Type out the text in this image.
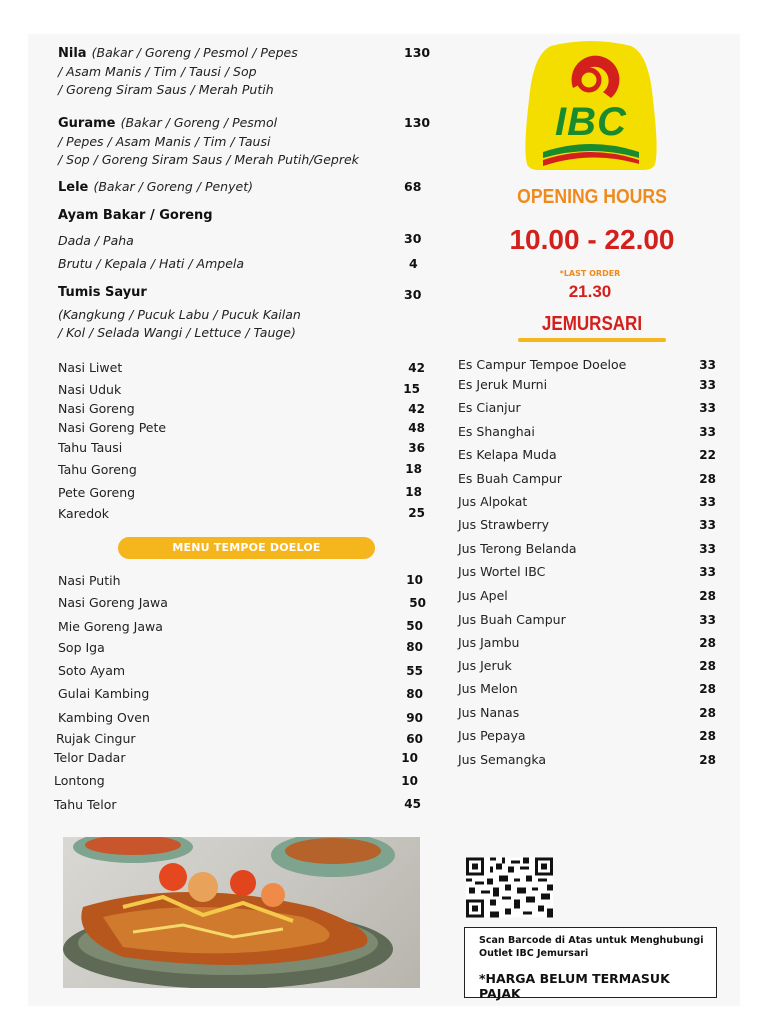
Nila (Bakar / Goreng / Pesmol / Pepes
/ Asam Manis / Tim / Tausi / Sop
/ Goreng Siram Saus / Merah Putih
130
Gurame (Bakar / Goreng / Pesmol
/ Pepes / Asam Manis / Tim / Tausi
/ Sop / Goreng Siram Saus / Merah Putih/Geprek
130
Lele (Bakar / Goreng / Penyet)	68
Ayam Bakar / Goreng
Dada / Paha	30
Brutu / Kepala / Hati / Ampela	4
Tumis Sayur	30
(Kangkung / Pucuk Labu / Pucuk Kailan
/ Kol / Selada Wangi / Lettuce / Tauge)
Nasi Liwet	42
Nasi Uduk	15
Nasi Goreng	42
Nasi Goreng Pete	48
Tahu Tausi	36
Tahu Goreng	18
Pete Goreng	18
Karedok	25
MENU TEMPOE DOELOE
Nasi Putih	10
Nasi Goreng Jawa	50
Mie Goreng Jawa	50
Sop Iga	80
Soto Ayam	55
Gulai Kambing	80
Kambing Oven	90
Rujak Cingur	60
Telor Dadar	10
Lontong	10
Tahu Telor	45
IBC
OPENING HOURS
10.00 - 22.00
*LAST ORDER
21.30
JEMURSARI
Es Campur Tempoe Doeloe	33
Es Jeruk Murni	33
Es Cianjur	33
Es Shanghai	33
Es Kelapa Muda	22
Es Buah Campur	28
Jus Alpokat	33
Jus Strawberry	33
Jus Terong Belanda	33
Jus Wortel IBC	33
Jus Apel	28
Jus Buah Campur	33
Jus Jambu	28
Jus Jeruk	28
Jus Melon	28
Jus Nanas	28
Jus Pepaya	28
Jus Semangka	28
Scan Barcode di Atas untuk Menghubungi Outlet IBC Jemursari
*HARGA BELUM TERMASUK PAJAK
